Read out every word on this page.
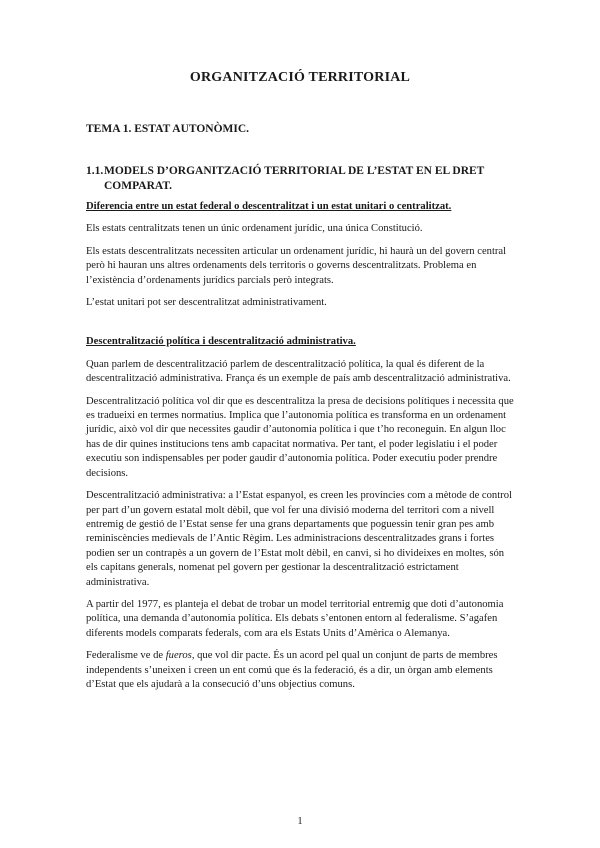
ORGANITZACIÓ TERRITORIAL
TEMA 1. ESTAT AUTONÒMIC.
1.1.MODELS D’ORGANITZACIÓ TERRITORIAL DE L’ESTAT EN EL DRET
COMPARAT.

Diferencia entre un estat federal o descentralitzat i un estat unitari o centralitzat.

Els estats centralitzats tenen un únic ordenament jurídic, una única Constitució.

Els estats descentralitzats necessiten articular un ordenament jurídic, hi haurà un del govern central però hi hauran uns altres ordenaments dels territoris o governs descentralitzats. Problema en l’existència d’ordenaments jurídics parcials però integrats.

L’estat unitari pot ser descentralitzat administrativament.

Descentralització política i descentralització administrativa.

Quan parlem de descentralització parlem de descentralització política, la qual és diferent de la descentralització administrativa. França és un exemple de país amb descentralització administrativa.

Descentralització política vol dir que es descentralitza la presa de decisions polítiques i necessita que es tradueixi en termes normatius. Implica que l’autonomia política es transforma en un ordenament jurídic, això vol dir que necessites gaudir d’autonomia política i que t’ho reconeguin. En algun lloc has de dir quines institucions tens amb capacitat normativa. Per tant, el poder legislatiu i el poder executiu son indispensables per poder gaudir d’autonomia política. Poder executiu poder prendre decisions.

Descentralització administrativa: a l’Estat espanyol, es creen les províncies com a mètode de control per part d’un govern estatal molt dèbil, que vol fer una divisió moderna del territori com a nivell entremig de gestió de l’Estat sense fer una grans departaments que poguessin tenir gran pes amb reminiscències medievals de l’Antic Règim. Les administracions descentralitzades grans i fortes podien ser un contrapès a un govern de l’Estat molt dèbil, en canvi, si ho divideixes en moltes, són els capitans generals, nomenat pel govern per gestionar la descentralització estrictament administrativa.

A partir del 1977, es planteja el debat de trobar un model territorial entremig que doti d’autonomia política, una demanda d’autonomia política. Els debats s’entonen entorn al federalisme. S’agafen diferents models comparats federals, com ara els Estats Units d’Amèrica o Alemanya.

Federalisme ve de fueros, que vol dir pacte. És un acord pel qual un conjunt de parts de membres independents s’uneixen i creen un ent comú que és la federació, és a dir, un òrgan amb elements d’Estat que els ajudarà a la consecució d’uns objectius comuns.

1
